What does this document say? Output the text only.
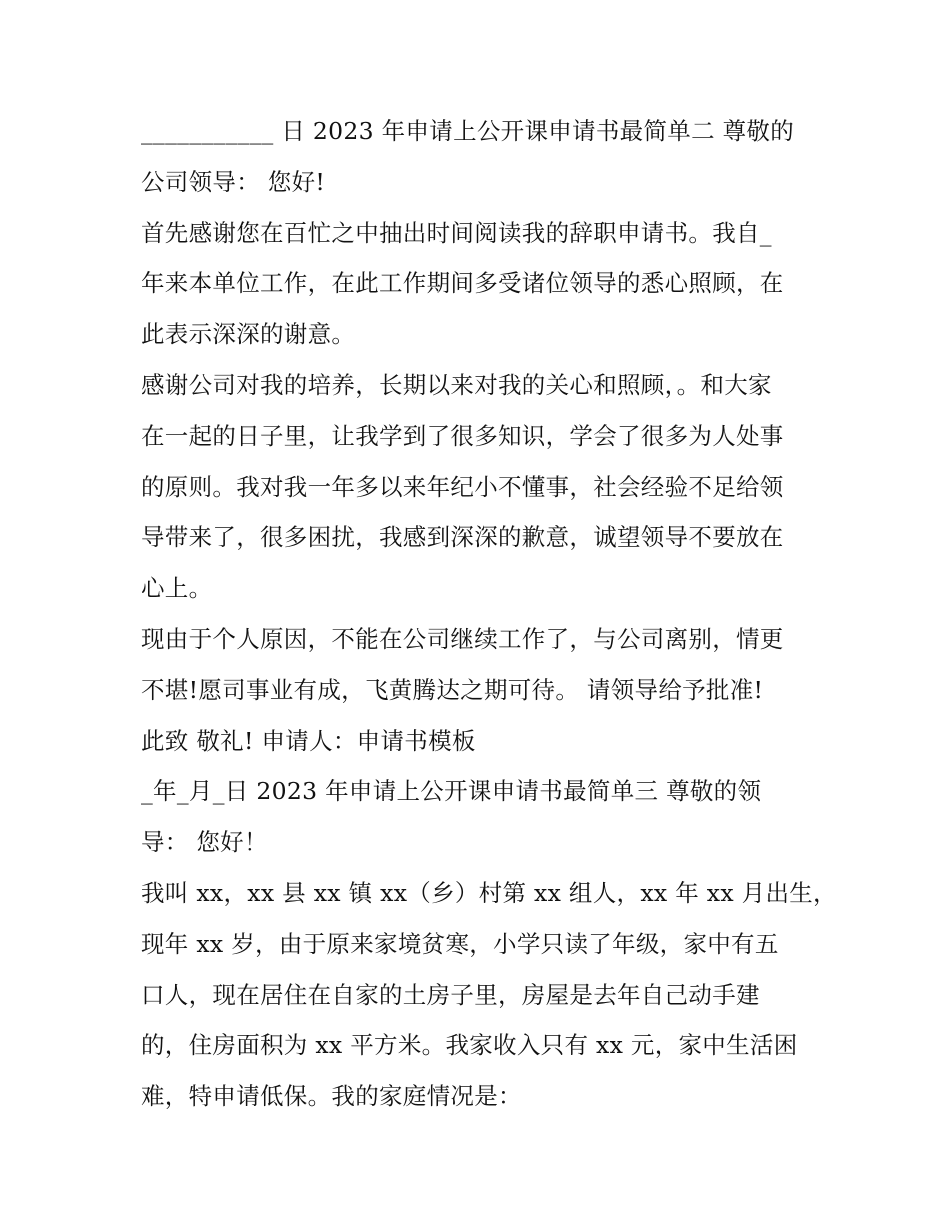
___________ 日 2023 年申请上公开课申请书最简单二 尊敬的
公司领导： 您好!
首先感谢您在百忙之中抽出时间阅读我的辞职申请书。我自_
年来本单位工作，在此工作期间多受诸位领导的悉心照顾，在
此表示深深的谢意。
感谢公司对我的培养，长期以来对我的关心和照顾，。和大家
在一起的日子里，让我学到了很多知识，学会了很多为人处事
的原则。我对我一年多以来年纪小不懂事，社会经验不足给领
导带来了，很多困扰，我感到深深的歉意，诚望领导不要放在
心上。
现由于个人原因，不能在公司继续工作了，与公司离别，情更
不堪!愿司事业有成，飞黄腾达之期可待。 请领导给予批准!
此致 敬礼! 申请人：申请书模板
_年_月_日 2023 年申请上公开课申请书最简单三 尊敬的领
导： 您好！
我叫 xx，xx 县 xx 镇 xx（乡）村第 xx 组人，xx 年 xx 月出生，
现年 xx 岁，由于原来家境贫寒，小学只读了年级，家中有五
口人，现在居住在自家的土房子里，房屋是去年自己动手建
的，住房面积为 xx 平方米。我家收入只有 xx 元，家中生活困
难，特申请低保。我的家庭情况是：
